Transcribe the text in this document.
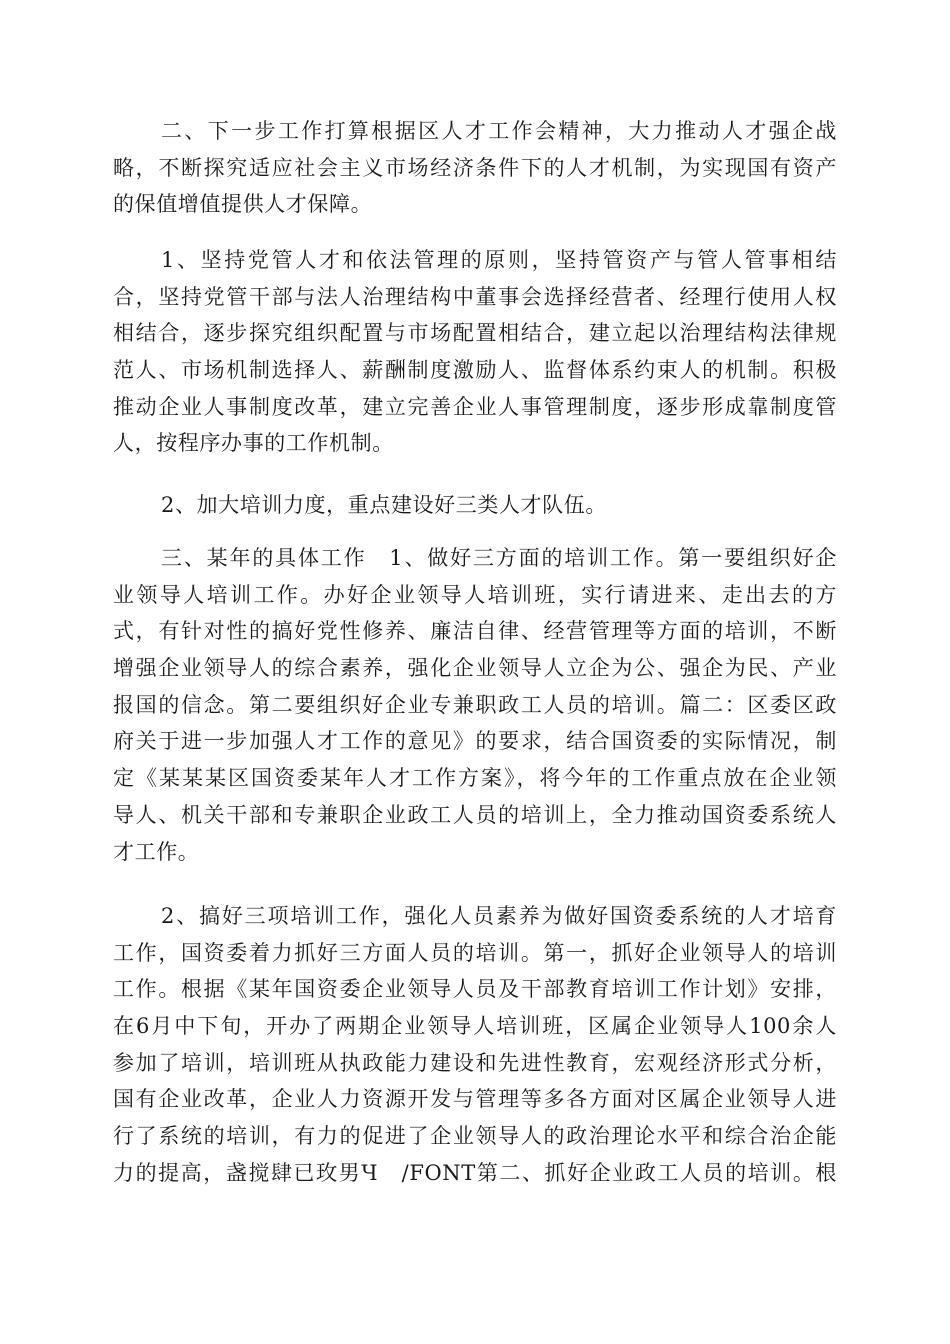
二、下一步工作打算根据区人才工作会精神，大力推动人才强企战
略，不断探究适应社会主义市场经济条件下的人才机制，为实现国有资产
的保值增值提供人才保障。
1、坚持党管人才和依法管理的原则，坚持管资产与管人管事相结
合，坚持党管干部与法人治理结构中董事会选择经营者、经理行使用人权
相结合，逐步探究组织配置与市场配置相结合，建立起以治理结构法律规
范人、市场机制选择人、薪酬制度激励人、监督体系约束人的机制。积极
推动企业人事制度改革，建立完善企业人事管理制度，逐步形成靠制度管
人，按程序办事的工作机制。
2、加大培训力度，重点建设好三类人才队伍。
三、某年的具体工作　1、做好三方面的培训工作。第一要组织好企
业领导人培训工作。办好企业领导人培训班，实行请进来、走出去的方
式，有针对性的搞好党性修养、廉洁自律、经营管理等方面的培训，不断
增强企业领导人的综合素养，强化企业领导人立企为公、强企为民、产业
报国的信念。第二要组织好企业专兼职政工人员的培训。篇二：区委区政
府关于进一步加强人才工作的意见》的要求，结合国资委的实际情况，制
定《某某某区国资委某年人才工作方案》，将今年的工作重点放在企业领
导人、机关干部和专兼职企业政工人员的培训上，全力推动国资委系统人
才工作。
2、搞好三项培训工作，强化人员素养为做好国资委系统的人才培育
工作，国资委着力抓好三方面人员的培训。第一，抓好企业领导人的培训
工作。根据《某年国资委企业领导人员及干部教育培训工作计划》安排，
在6月中下旬，开办了两期企业领导人培训班，区属企业领导人100余人
参加了培训，培训班从执政能力建设和先进性教育，宏观经济形式分析，
国有企业改革，企业人力资源开发与管理等多各方面对区属企业领导人进
行了系统的培训，有力的促进了企业领导人的政治理论水平和综合治企能
力的提高，盏搅肆已玫男Ч　/FONT第二、抓好企业政工人员的培训。根
